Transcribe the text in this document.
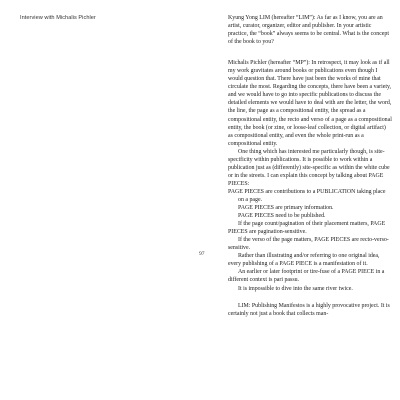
Interview with Michalis Pichler
97

Kyung Yong LIM (hereafter “LIM”): As far as I know, you are an artist, curator, organizer, editor and publisher. In your artistic practice, the “book” always seems to be central. What is the concept of the book to you?

Michalis Pichler (hereafter “MP”): In retrospect, it may look as if all my work gravitates around books or publications even though I would question that. There have just been the works of mine that circulate the most. Regarding the concepts, there have been a variety, and we would have to go into specific publications to discuss the detailed elements we would have to deal with are the letter, the word, the line, the page as a compositional entity, the spread as a compositional entity, the recto and verso of a page as a compositional entity, the book (or zine, or loose-leaf collection, or digital artifact) as compositional entity, and even the whole print-run as a compositional entity.

One thing which has interested me particularly though, is site-specificity within publications. It is possible to work within a publication just as (differently) site-specific as within the white cube or in the streets. I can explain this concept by talking about PAGE PIECES:

PAGE PIECES are contributions to a PUBLICATION taking place on a page.

PAGE PIECES are primary information.

PAGE PIECES need to be published.

If the page count/pagination of their placement matters, PAGE PIECES are pagination-sensitive.

If the verso of the page matters, PAGE PIECES are recto-verso-sensitive.

Rather than illustrating and/or referring to one original idea, every publishing of a PAGE PIECE is a manifestation of it.

An earlier or later footprint or tire-fuse of a PAGE PIECE in a different context is pari passu.

It is impossible to dive into the same river twice.

LIM: Publishing Manifestos is a highly provocative project. It is certainly not just a book that collects man-
